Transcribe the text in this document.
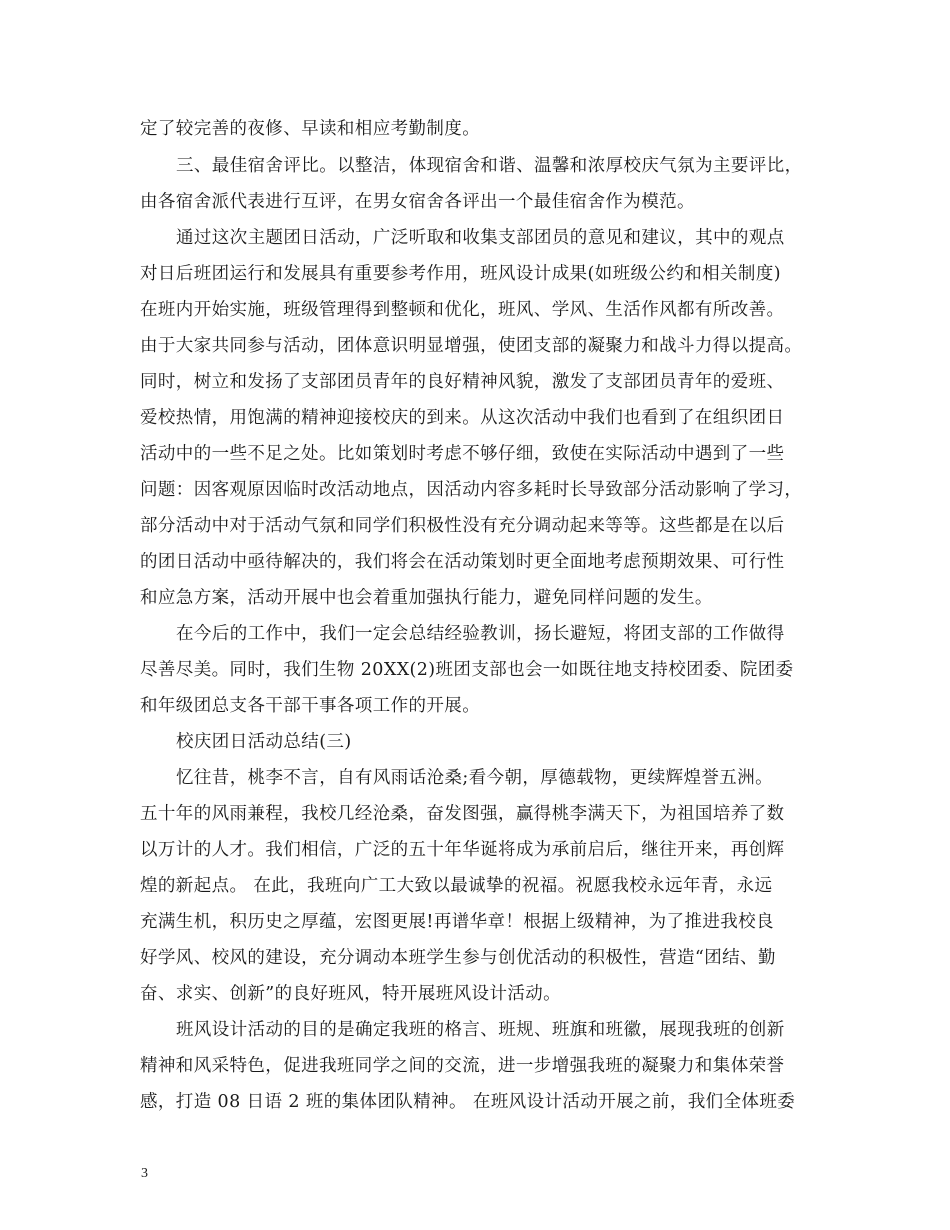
定了较完善的夜修、早读和相应考勤制度。
三、最佳宿舍评比。以整洁，体现宿舍和谐、温馨和浓厚校庆气氛为主要评比，
由各宿舍派代表进行互评，在男女宿舍各评出一个最佳宿舍作为模范。
通过这次主题团日活动，广泛听取和收集支部团员的意见和建议，其中的观点
对日后班团运行和发展具有重要参考作用，班风设计成果(如班级公约和相关制度)
在班内开始实施，班级管理得到整顿和优化，班风、学风、生活作风都有所改善。
由于大家共同参与活动，团体意识明显增强，使团支部的凝聚力和战斗力得以提高。
同时，树立和发扬了支部团员青年的良好精神风貌，激发了支部团员青年的爱班、
爱校热情，用饱满的精神迎接校庆的到来。从这次活动中我们也看到了在组织团日
活动中的一些不足之处。比如策划时考虑不够仔细，致使在实际活动中遇到了一些
问题：因客观原因临时改活动地点，因活动内容多耗时长导致部分活动影响了学习，
部分活动中对于活动气氛和同学们积极性没有充分调动起来等等。这些都是在以后
的团日活动中亟待解决的，我们将会在活动策划时更全面地考虑预期效果、可行性
和应急方案，活动开展中也会着重加强执行能力，避免同样问题的发生。
在今后的工作中，我们一定会总结经验教训，扬长避短，将团支部的工作做得
尽善尽美。同时，我们生物 20XX(2)班团支部也会一如既往地支持校团委、院团委
和年级团总支各干部干事各项工作的开展。
校庆团日活动总结(三)
忆往昔，桃李不言，自有风雨话沧桑;看今朝，厚德载物，更续辉煌誉五洲。
五十年的风雨兼程，我校几经沧桑，奋发图强，赢得桃李满天下，为祖国培养了数
以万计的人才。我们相信，广泛的五十年华诞将成为承前启后，继往开来，再创辉
煌的新起点。 在此，我班向广工大致以最诚挚的祝福。祝愿我校永远年青，永远
充满生机，积历史之厚蕴，宏图更展!再谱华章！根据上级精神，为了推进我校良
好学风、校风的建设，充分调动本班学生参与创优活动的积极性，营造“团结、勤
奋、求实、创新”的良好班风，特开展班风设计活动。
班风设计活动的目的是确定我班的格言、班规、班旗和班徽，展现我班的创新
精神和风采特色，促进我班同学之间的交流，进一步增强我班的凝聚力和集体荣誉
感，打造 08 日语 2 班的集体团队精神。 在班风设计活动开展之前，我们全体班委
3
